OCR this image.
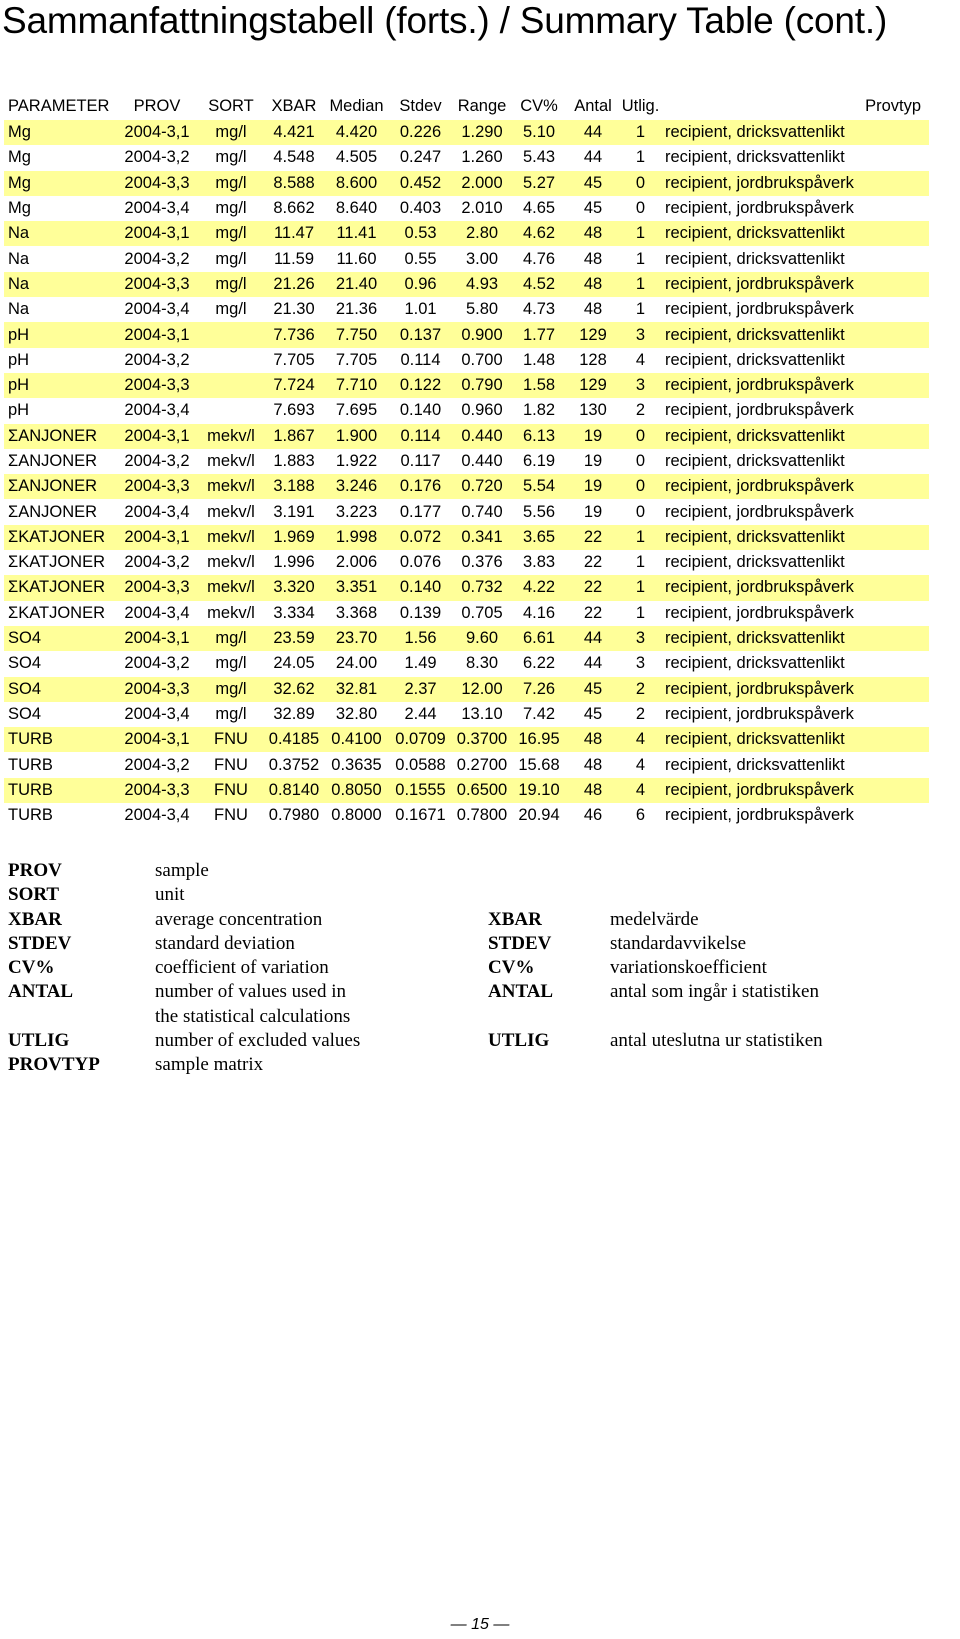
Sammanfattningstabell (forts.) / Summary Table (cont.)
PARAMETER	PROV	SORT	XBAR	Median	Stdev	Range	CV%	Antal	Utlig.	Provtyp
Mg	2004-3,1	mg/l	4.421	4.420	0.226	1.290	5.10	44	1	recipient, dricksvattenlikt
Mg	2004-3,2	mg/l	4.548	4.505	0.247	1.260	5.43	44	1	recipient, dricksvattenlikt
Mg	2004-3,3	mg/l	8.588	8.600	0.452	2.000	5.27	45	0	recipient, jordbrukspåverk
Mg	2004-3,4	mg/l	8.662	8.640	0.403	2.010	4.65	45	0	recipient, jordbrukspåverk
Na	2004-3,1	mg/l	11.47	11.41	0.53	2.80	4.62	48	1	recipient, dricksvattenlikt
Na	2004-3,2	mg/l	11.59	11.60	0.55	3.00	4.76	48	1	recipient, dricksvattenlikt
Na	2004-3,3	mg/l	21.26	21.40	0.96	4.93	4.52	48	1	recipient, jordbrukspåverk
Na	2004-3,4	mg/l	21.30	21.36	1.01	5.80	4.73	48	1	recipient, jordbrukspåverk
pH	2004-3,1		7.736	7.750	0.137	0.900	1.77	129	3	recipient, dricksvattenlikt
pH	2004-3,2		7.705	7.705	0.114	0.700	1.48	128	4	recipient, dricksvattenlikt
pH	2004-3,3		7.724	7.710	0.122	0.790	1.58	129	3	recipient, jordbrukspåverk
pH	2004-3,4		7.693	7.695	0.140	0.960	1.82	130	2	recipient, jordbrukspåverk
ΣANJONER	2004-3,1	mekv/l	1.867	1.900	0.114	0.440	6.13	19	0	recipient, dricksvattenlikt
ΣANJONER	2004-3,2	mekv/l	1.883	1.922	0.117	0.440	6.19	19	0	recipient, dricksvattenlikt
ΣANJONER	2004-3,3	mekv/l	3.188	3.246	0.176	0.720	5.54	19	0	recipient, jordbrukspåverk
ΣANJONER	2004-3,4	mekv/l	3.191	3.223	0.177	0.740	5.56	19	0	recipient, jordbrukspåverk
ΣKATJONER	2004-3,1	mekv/l	1.969	1.998	0.072	0.341	3.65	22	1	recipient, dricksvattenlikt
ΣKATJONER	2004-3,2	mekv/l	1.996	2.006	0.076	0.376	3.83	22	1	recipient, dricksvattenlikt
ΣKATJONER	2004-3,3	mekv/l	3.320	3.351	0.140	0.732	4.22	22	1	recipient, jordbrukspåverk
ΣKATJONER	2004-3,4	mekv/l	3.334	3.368	0.139	0.705	4.16	22	1	recipient, jordbrukspåverk
SO4	2004-3,1	mg/l	23.59	23.70	1.56	9.60	6.61	44	3	recipient, dricksvattenlikt
SO4	2004-3,2	mg/l	24.05	24.00	1.49	8.30	6.22	44	3	recipient, dricksvattenlikt
SO4	2004-3,3	mg/l	32.62	32.81	2.37	12.00	7.26	45	2	recipient, jordbrukspåverk
SO4	2004-3,4	mg/l	32.89	32.80	2.44	13.10	7.42	45	2	recipient, jordbrukspåverk
TURB	2004-3,1	FNU	0.4185	0.4100	0.0709	0.3700	16.95	48	4	recipient, dricksvattenlikt
TURB	2004-3,2	FNU	0.3752	0.3635	0.0588	0.2700	15.68	48	4	recipient, dricksvattenlikt
TURB	2004-3,3	FNU	0.8140	0.8050	0.1555	0.6500	19.10	48	4	recipient, jordbrukspåverk
TURB	2004-3,4	FNU	0.7980	0.8000	0.1671	0.7800	20.94	46	6	recipient, jordbrukspåverk
PROV	sample
SORT	unit
XBAR	average concentration	XBAR	medelvärde
STDEV	standard deviation	STDEV	standardavvikelse
CV%	coefficient of variation	CV%	variationskoefficient
ANTAL	number of values used in	ANTAL	antal som ingår i statistiken
the statistical calculations
UTLIG	number of excluded values	UTLIG	antal uteslutna ur statistiken
PROVTYP	sample matrix
— 15 —
